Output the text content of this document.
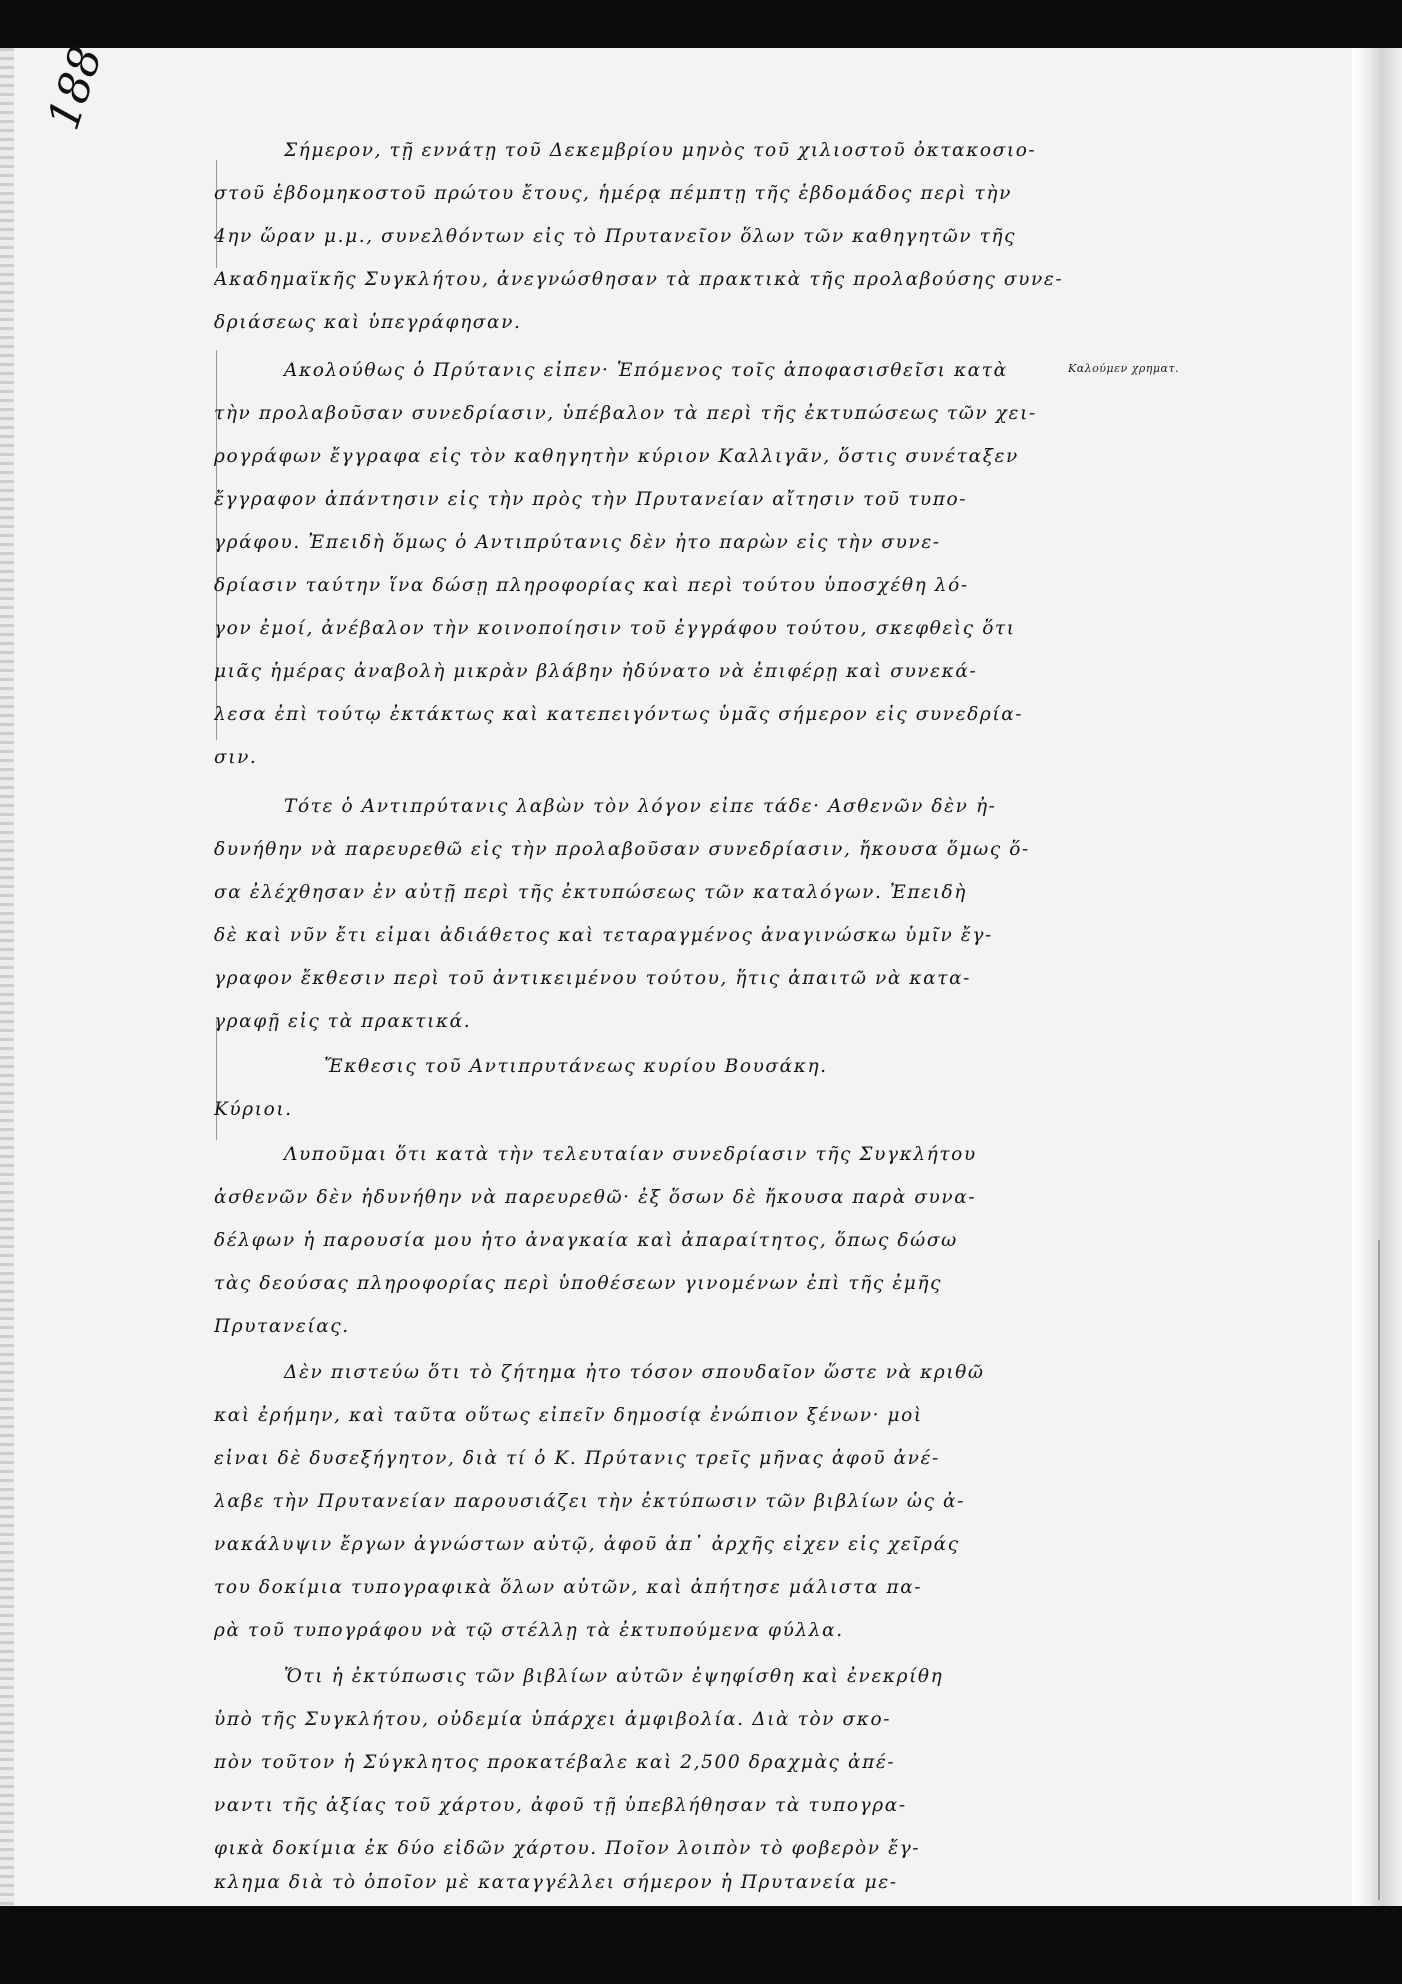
188
Καλούμεν χρηματ.
Σήμερον, τῇ εννάτῃ τοῦ Δεκεμβρίου μηνὸς τοῦ χιλιοστοῦ ὀκτακοσιο-
στοῦ ἑβδομηκοστοῦ πρώτου ἔτους, ἡμέρᾳ πέμπτῃ τῆς ἑβδομάδος περὶ τὴν
4ην ὥραν μ.μ., συνελθόντων εἰς τὸ Πρυτανεῖον ὅλων τῶν καθηγητῶν τῆς
Ακαδημαϊκῆς Συγκλήτου, ἀνεγνώσθησαν τὰ πρακτικὰ τῆς προλαβούσης συνε-
δριάσεως καὶ ὑπεγράφησαν.
Ακολούθως ὁ Πρύτανις εἶπεν· Ἑπόμενος τοῖς ἀποφασισθεῖσι κατὰ
τὴν προλαβοῦσαν συνεδρίασιν, ὑπέβαλον τὰ περὶ τῆς ἐκτυπώσεως τῶν χει-
ρογράφων ἔγγραφα εἰς τὸν καθηγητὴν κύριον Καλλιγᾶν, ὅστις συνέταξεν
ἔγγραφον ἀπάντησιν εἰς τὴν πρὸς τὴν Πρυτανείαν αἴτησιν τοῦ τυπο-
γράφου. Ἐπειδὴ ὅμως ὁ Αντιπρύτανις δὲν ἦτο παρὼν εἰς τὴν συνε-
δρίασιν ταύτην ἵνα δώσῃ πληροφορίας καὶ περὶ τούτου ὑποσχέθη λό-
γον ἐμοί, ἀνέβαλον τὴν κοινοποίησιν τοῦ ἐγγράφου τούτου, σκεφθεὶς ὅτι
μιᾶς ἡμέρας ἀναβολὴ μικρὰν βλάβην ἠδύνατο νὰ ἐπιφέρῃ καὶ συνεκά-
λεσα ἐπὶ τούτῳ ἐκτάκτως καὶ κατεπειγόντως ὑμᾶς σήμερον εἰς συνεδρία-
σιν.
Τότε ὁ Αντιπρύτανις λαβὼν τὸν λόγον εἶπε τάδε· Ασθενῶν δὲν ἠ-
δυνήθην νὰ παρευρεθῶ εἰς τὴν προλαβοῦσαν συνεδρίασιν, ἤκουσα ὅμως ὅ-
σα ἐλέχθησαν ἐν αὐτῇ περὶ τῆς ἐκτυπώσεως τῶν καταλόγων. Ἐπειδὴ
δὲ καὶ νῦν ἔτι εἶμαι ἀδιάθετος καὶ τεταραγμένος ἀναγινώσκω ὑμῖν ἔγ-
γραφον ἔκθεσιν περὶ τοῦ ἀντικειμένου τούτου, ἥτις ἀπαιτῶ νὰ κατα-
γραφῇ εἰς τὰ πρακτικά.
Ἔκθεσις τοῦ Αντιπρυτάνεως κυρίου Βουσάκη.
Κύριοι.
Λυποῦμαι ὅτι κατὰ τὴν τελευταίαν συνεδρίασιν τῆς Συγκλήτου
ἀσθενῶν δὲν ἠδυνήθην νὰ παρευρεθῶ· ἐξ ὅσων δὲ ἤκουσα παρὰ συνα-
δέλφων ἡ παρουσία μου ἦτο ἀναγκαία καὶ ἀπαραίτητος, ὅπως δώσω
τὰς δεούσας πληροφορίας περὶ ὑποθέσεων γινομένων ἐπὶ τῆς ἐμῆς
Πρυτανείας.
Δὲν πιστεύω ὅτι τὸ ζήτημα ἦτο τόσον σπουδαῖον ὥστε νὰ κριθῶ
καὶ ἐρήμην, καὶ ταῦτα οὕτως εἰπεῖν δημοσίᾳ ἐνώπιον ξένων· μοὶ
εἶναι δὲ δυσεξήγητον, διὰ τί ὁ Κ. Πρύτανις τρεῖς μῆνας ἀφοῦ ἀνέ-
λαβε τὴν Πρυτανείαν παρουσιάζει τὴν ἐκτύπωσιν τῶν βιβλίων ὡς ἀ-
νακάλυψιν ἔργων ἀγνώστων αὐτῷ, ἀφοῦ ἀπ᾽ ἀρχῆς εἶχεν εἰς χεῖράς
του δοκίμια τυπογραφικὰ ὅλων αὐτῶν, καὶ ἀπήτησε μάλιστα πα-
ρὰ τοῦ τυπογράφου νὰ τῷ στέλλῃ τὰ ἐκτυπούμενα φύλλα.
Ὅτι ἡ ἐκτύπωσις τῶν βιβλίων αὐτῶν ἐψηφίσθη καὶ ἐνεκρίθη
ὑπὸ τῆς Συγκλήτου, οὐδεμία ὑπάρχει ἀμφιβολία. Διὰ τὸν σκο-
πὸν τοῦτον ἡ Σύγκλητος προκατέβαλε καὶ 2,500 δραχμὰς ἀπέ-
ναντι τῆς ἀξίας τοῦ χάρτου, ἀφοῦ τῇ ὑπεβλήθησαν τὰ τυπογρα-
φικὰ δοκίμια ἐκ δύο εἰδῶν χάρτου. Ποῖον λοιπὸν τὸ φοβερὸν ἔγ-
κλημα διὰ τὸ ὁποῖον μὲ καταγγέλλει σήμερον ἡ Πρυτανεία με-
